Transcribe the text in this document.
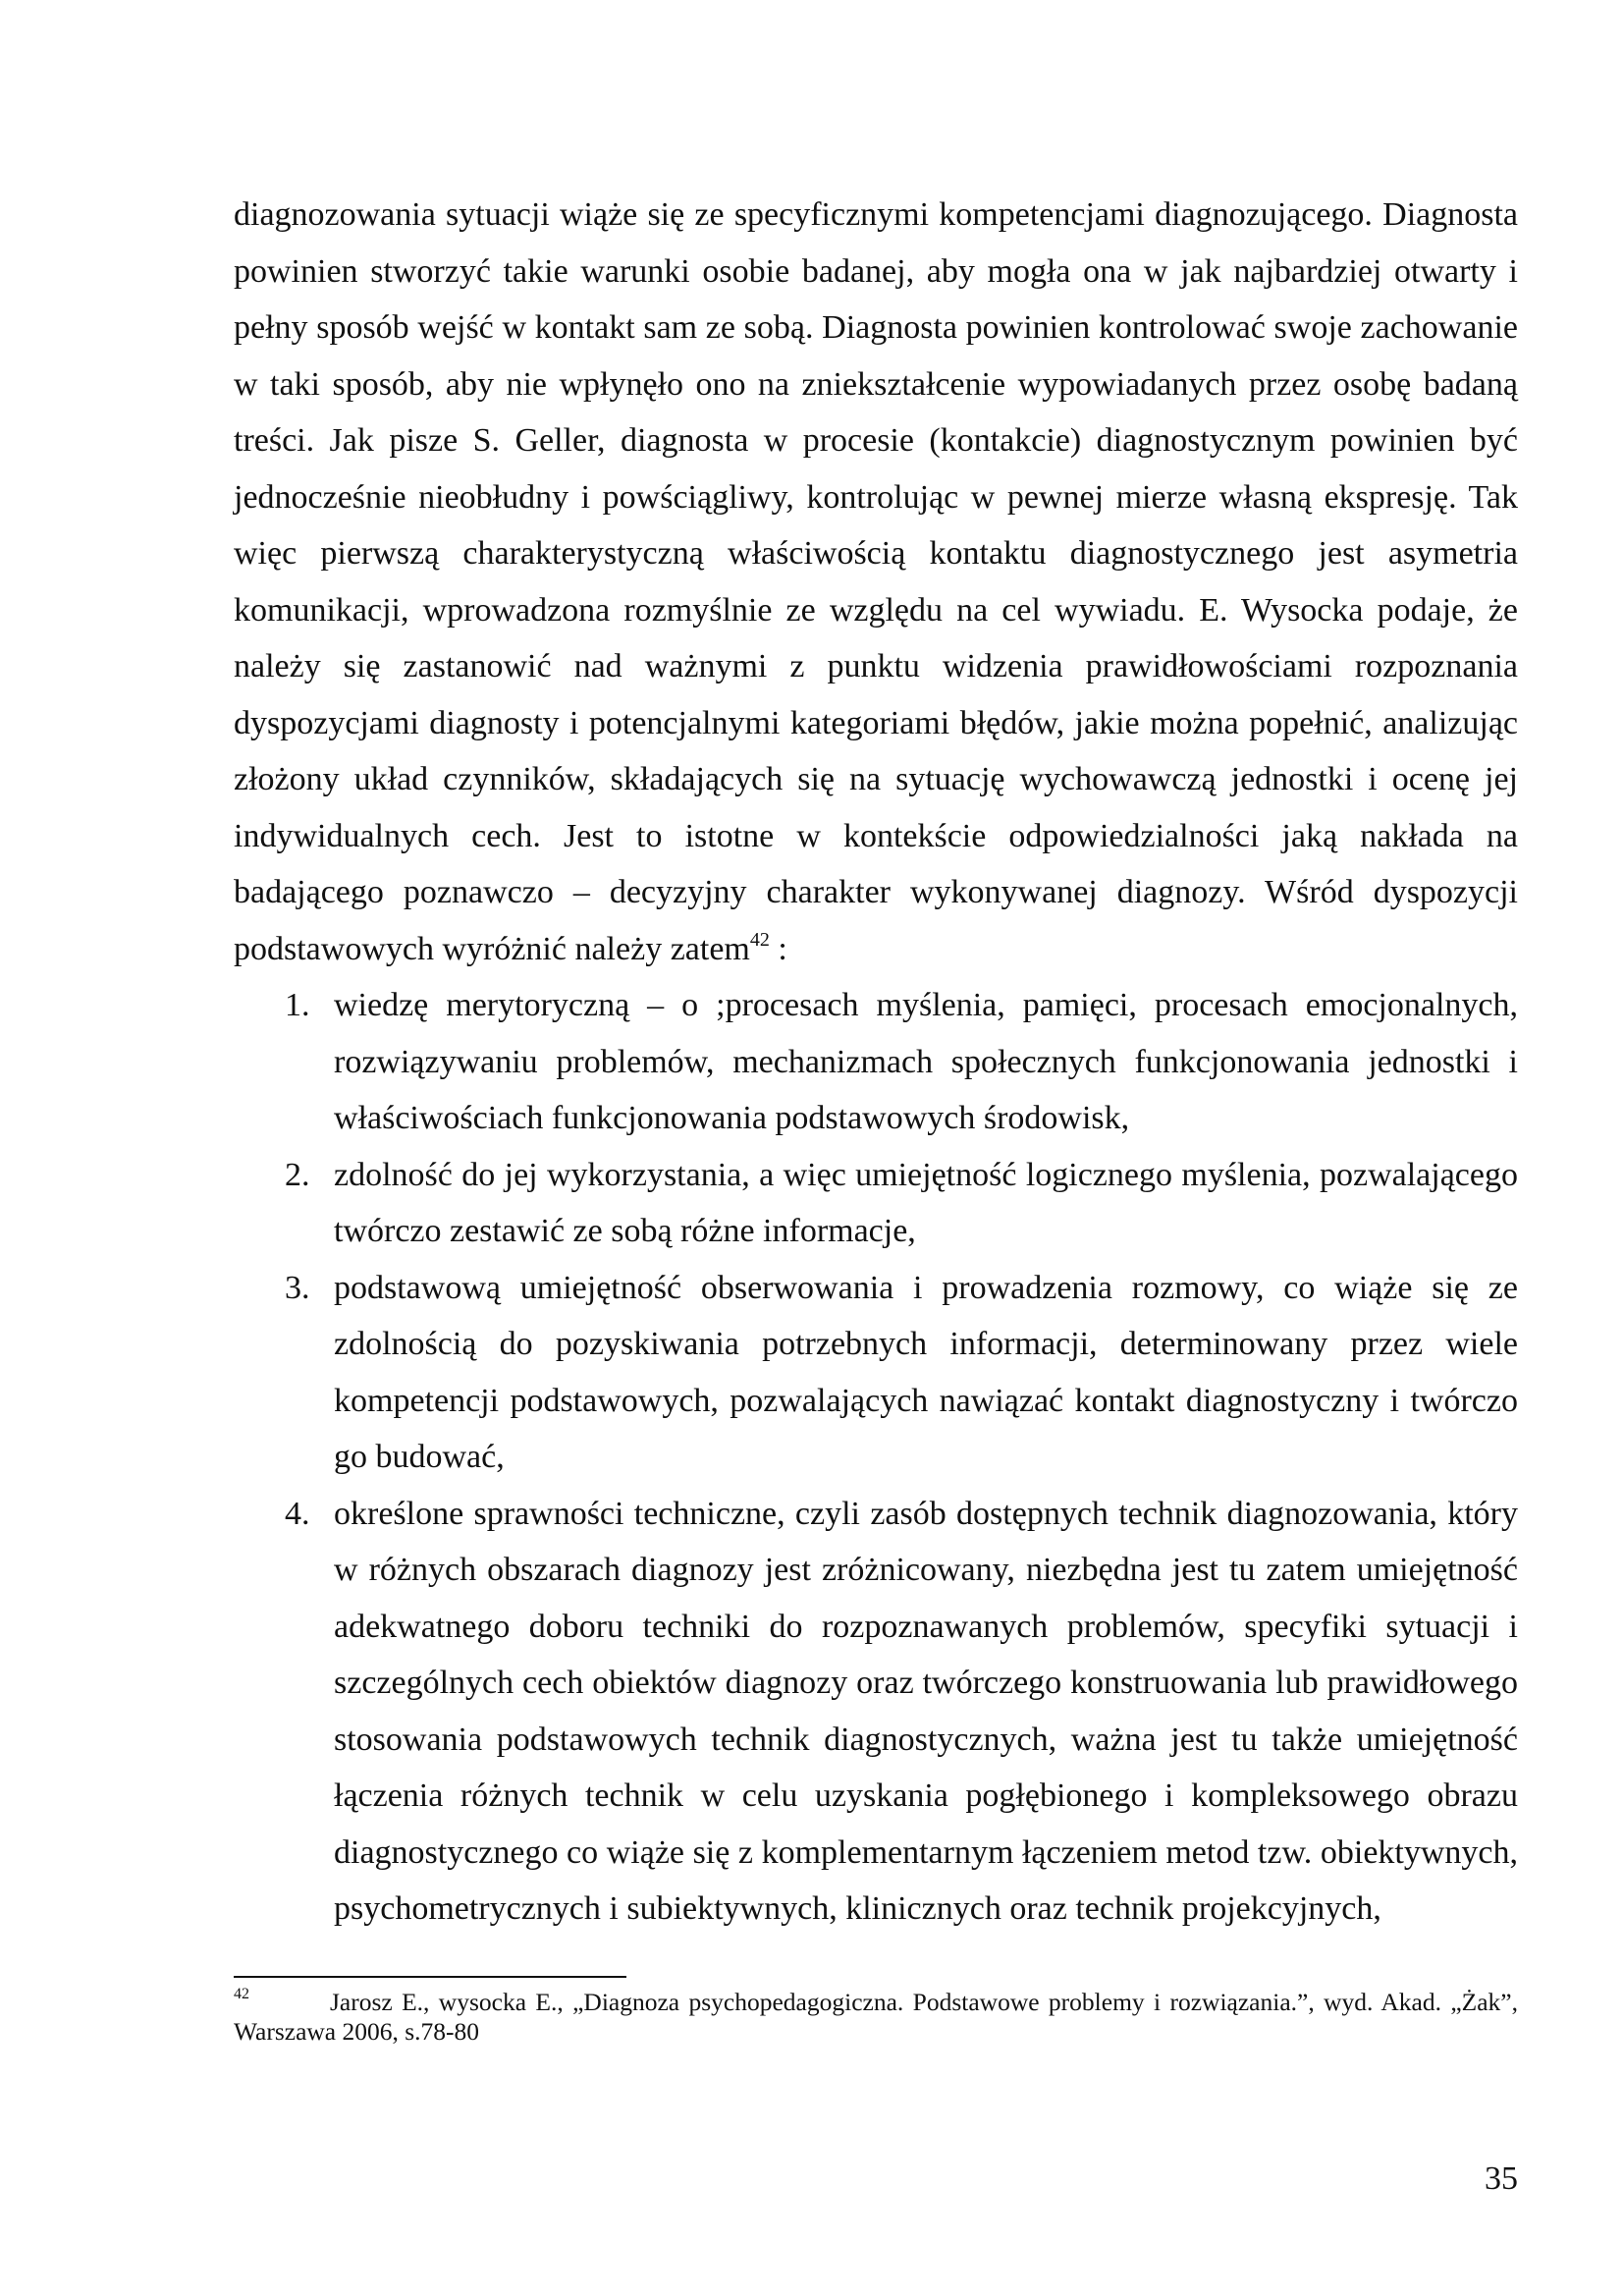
diagnozowania sytuacji wiąże się ze specyficznymi kompetencjami diagnozującego. Diagnosta powinien stworzyć takie warunki osobie badanej, aby mogła ona w jak najbardziej otwarty i pełny sposób wejść w kontakt sam ze sobą. Diagnosta powinien kontrolować swoje zachowanie w taki sposób, aby nie wpłynęło ono na zniekształcenie wypowiadanych przez osobę badaną treści. Jak pisze S. Geller, diagnosta w procesie (kontakcie) diagnostycznym powinien być jednocześnie nieobłudny i powściągliwy, kontrolując w pewnej mierze własną ekspresję. Tak więc pierwszą charakterystyczną właściwością kontaktu diagnostycznego jest asymetria komunikacji, wprowadzona rozmyślnie ze względu na cel wywiadu. E. Wysocka podaje, że należy się zastanowić nad ważnymi z punktu widzenia prawidłowościami rozpoznania dyspozycjami diagnosty i potencjalnymi kategoriami błędów, jakie można popełnić, analizując złożony układ czynników, składających się na sytuację wychowawczą jednostki i ocenę jej indywidualnych cech. Jest to istotne w kontekście odpowiedzialności jaką nakłada na badającego poznawczo – decyzyjny charakter wykonywanej diagnozy. Wśród dyspozycji podstawowych wyróżnić należy zatem$^{42}$ :

1. wiedzę merytoryczną – o ;procesach myślenia, pamięci, procesach emocjonalnych, rozwiązywaniu problemów, mechanizmach społecznych funkcjonowania jednostki i właściwościach funkcjonowania podstawowych środowisk,
2. zdolność do jej wykorzystania, a więc umiejętność logicznego myślenia, pozwalającego twórczo zestawić ze sobą różne informacje,
3. podstawową umiejętność obserwowania i prowadzenia rozmowy, co wiąże się ze zdolnością do pozyskiwania potrzebnych informacji, determinowany przez wiele kompetencji podstawowych, pozwalających nawiązać kontakt diagnostyczny i twórczo go budować,
4. określone sprawności techniczne, czyli zasób dostępnych technik diagnozowania, który w różnych obszarach diagnozy jest zróżnicowany, niezbędna jest tu zatem umiejętność adekwatnego doboru techniki do rozpoznawanych problemów, specyfiki sytuacji i szczególnych cech obiektów diagnozy oraz twórczego konstruowania lub prawidłowego stosowania podstawowych technik diagnostycznych, ważna jest tu także umiejętność łączenia różnych technik w celu uzyskania pogłębionego i kompleksowego obrazu diagnostycznego co wiąże się z komplementarnym łączeniem metod tzw. obiektywnych, psychometrycznych i subiektywnych, klinicznych oraz technik projekcyjnych,
42	Jarosz E., wysocka E., „Diagnoza psychopedagogiczna. Podstawowe problemy i rozwiązania.”, wyd. Akad. „Żak”, Warszawa 2006, s.78-80
35
